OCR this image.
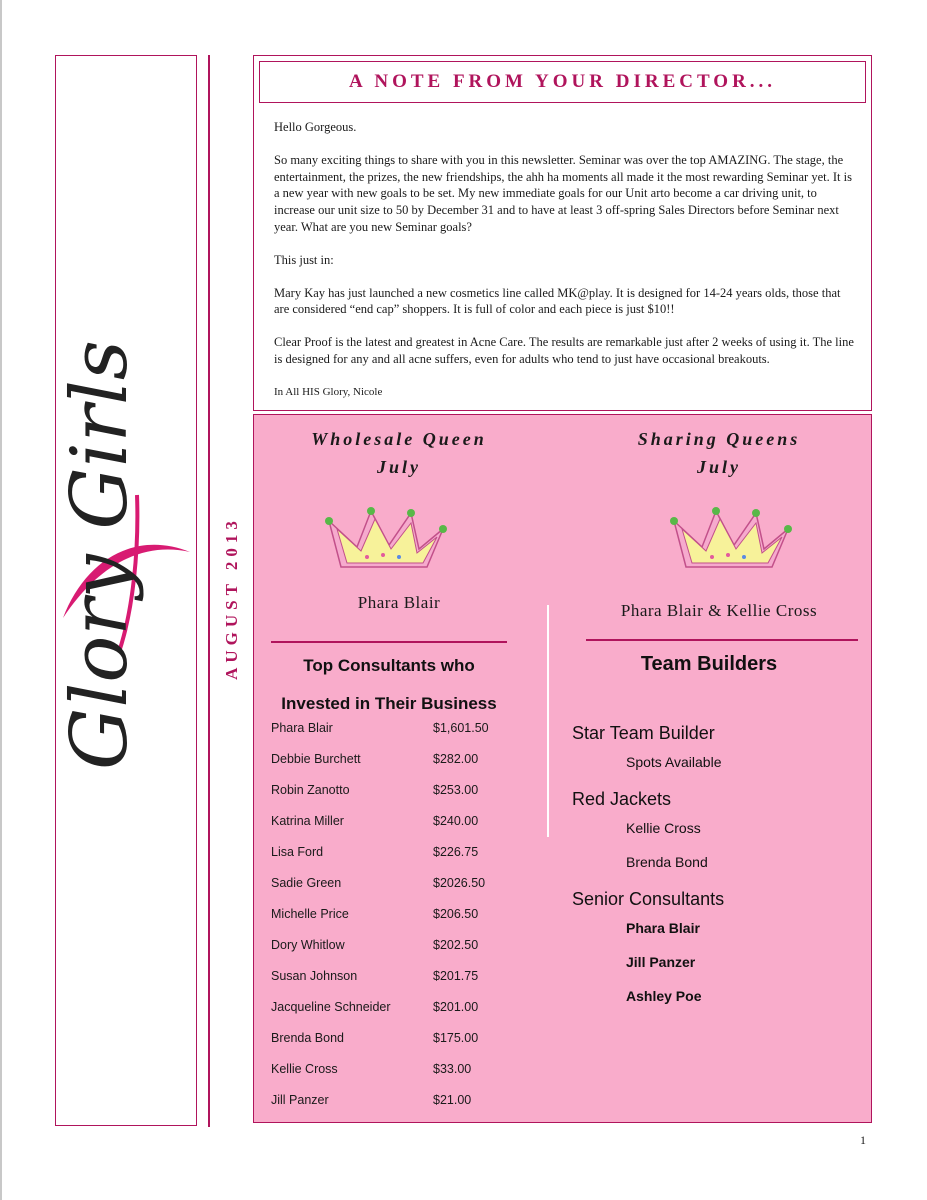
Glory Girls	AUGUST 2013
A NOTE FROM YOUR DIRECTOR...

Hello Gorgeous.

So many exciting things to share with you in this newsletter. Seminar was over the top AMAZING. The stage, the entertainment, the prizes, the new friendships, the ahh ha moments all made it the most rewarding Seminar yet. It is a new year with new goals to be set. My new immediate goals for our Unit arto become a car driving unit, to increase our unit size to 50 by December 31 and to have at least 3 off-spring Sales Directors before Seminar next year. What are you new Seminar goals?

This just in:

Mary Kay has just launched a new cosmetics line called MK@play. It is designed for 14-24 years olds, those that are considered “end cap” shoppers. It is full of color and each piece is just $10!!

Clear Proof is the latest and greatest in Acne Care. The results are remarkable just after 2 weeks of using it. The line is designed for any and all acne suffers, even for adults who tend to just have occasional breakouts.

In All HIS Glory, Nicole

Wholesale Queen
July
Phara Blair
Sharing Queens
July
Phara Blair & Kellie Cross
Top Consultants who
Invested in Their Business
Phara Blair	$1,601.50
Debbie Burchett	$282.00
Robin Zanotto	$253.00
Katrina Miller	$240.00
Lisa Ford	$226.75
Sadie Green	$2026.50
Michelle Price	$206.50
Dory Whitlow	$202.50
Susan Johnson	$201.75
Jacqueline Schneider	$201.00
Brenda Bond	$175.00
Kellie Cross	$33.00
Jill Panzer	$21.00
Team Builders
Star Team Builder
Spots Available
Red Jackets
Kellie Cross
Brenda Bond
Senior Consultants
Phara Blair
Jill Panzer
Ashley Poe
1
